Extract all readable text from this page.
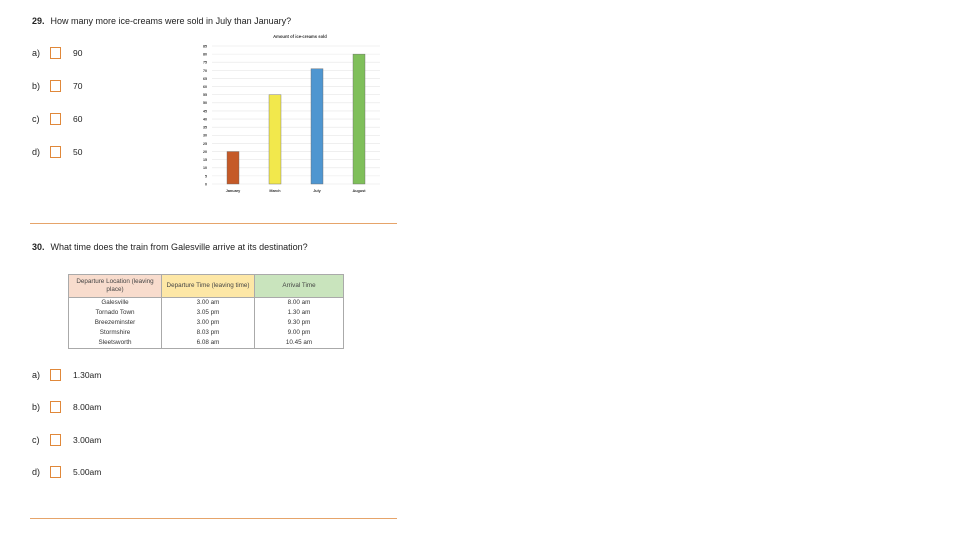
29. How many more ice-creams were sold in July than January?
a)	90
b)	70
c)	60
d)	50
Amount of ice-creams sold
0
5
10
15
20
25
30
35
40
45
50
55
60
65
70
75
80
85
January	March	July	August
30. What time does the train from Galesville arrive at its destination?
Departure Location (leaving place)	Departure Time (leaving time)	Arrival Time
Galesville	3.00 am	8.00 am
Tornado Town	3.05 pm	1.30 am
Breezeminster	3.00 pm	9.30 pm
Stormshire	8.03 pm	9.00 pm
Sleetsworth	6.08 am	10.45 am
a)	1.30am
b)	8.00am
c)	3.00am
d)	5.00am
